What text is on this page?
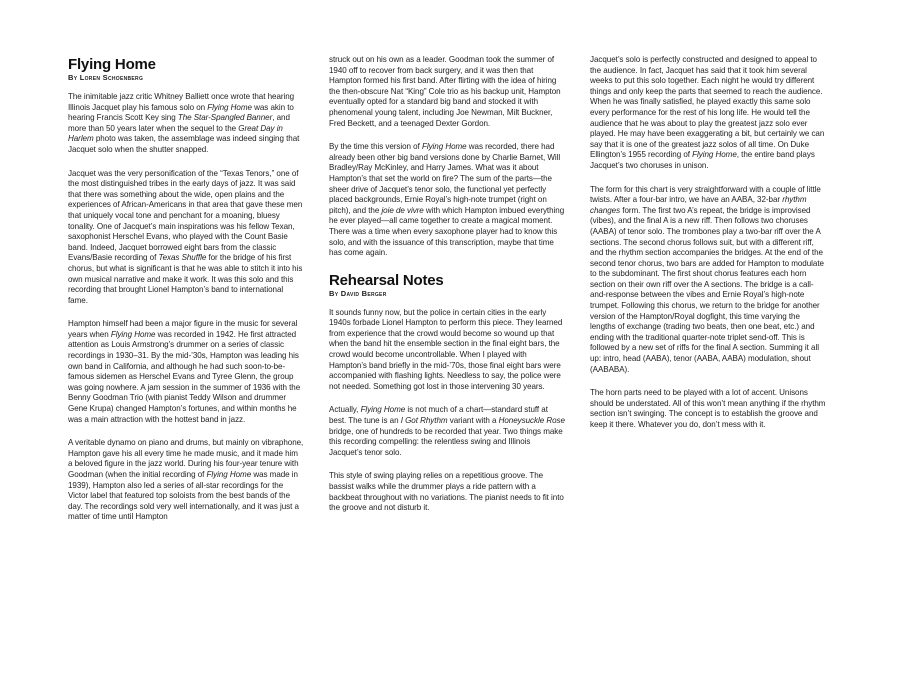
Flying Home
By Loren Schoenberg

The inimitable jazz critic Whitney Balliett once wrote that hearing Illinois Jacquet play his famous solo on Flying Home was akin to hearing Francis Scott Key sing The Star-Spangled Banner, and more than 50 years later when the sequel to the Great Day in Harlem photo was taken, the assemblage was indeed singing that Jacquet solo when the shutter snapped.

Jacquet was the very personification of the “Texas Tenors,” one of the most distinguished tribes in the early days of jazz. It was said that there was something about the wide, open plains and the experiences of African-Americans in that area that gave these men that uniquely vocal tone and penchant for a moaning, bluesy tonality. One of Jacquet’s main inspirations was his fellow Texan, saxophonist Herschel Evans, who played with the Count Basie band. Indeed, Jacquet borrowed eight bars from the classic Evans/Basie recording of Texas Shuffle for the bridge of his first chorus, but what is significant is that he was able to stitch it into his own musical narrative and make it work. It was this solo and this recording that brought Lionel Hampton’s band to international fame.

Hampton himself had been a major figure in the music for several years when Flying Home was recorded in 1942. He first attracted attention as Louis Armstrong’s drummer on a series of classic recordings in 1930–31. By the mid-’30s, Hampton was leading his own band in California, and although he had such soon-to-be-famous sidemen as Herschel Evans and Tyree Glenn, the group was going nowhere. A jam session in the summer of 1936 with the Benny Goodman Trio (with pianist Teddy Wilson and drummer Gene Krupa) changed Hampton’s fortunes, and within months he was a main attraction with the hottest band in jazz.

A veritable dynamo on piano and drums, but mainly on vibraphone, Hampton gave his all every time he made music, and it made him a beloved figure in the jazz world. During his four-year tenure with Goodman (when the initial recording of Flying Home was made in 1939), Hampton also led a series of all-star recordings for the Victor label that featured top soloists from the best bands of the day. The recordings sold very well internationally, and it was just a matter of time until Hampton

struck out on his own as a leader. Goodman took the summer of 1940 off to recover from back surgery, and it was then that Hampton formed his first band. After flirting with the idea of hiring the then-obscure Nat “King” Cole trio as his backup unit, Hampton eventually opted for a standard big band and stocked it with phenomenal young talent, including Joe Newman, Milt Buckner, Fred Beckett, and a teenaged Dexter Gordon.

By the time this version of Flying Home was recorded, there had already been other big band versions done by Charlie Barnet, Will Bradley/Ray McKinley, and Harry James. What was it about Hampton’s that set the world on fire? The sum of the parts—the sheer drive of Jacquet’s tenor solo, the functional yet perfectly placed backgrounds, Ernie Royal’s high-note trumpet (right on pitch), and the joie de vivre with which Hampton imbued everything he ever played—all came together to create a magical moment. There was a time when every saxophone player had to know this solo, and with the issuance of this transcription, maybe that time has come again.

Rehearsal Notes
By David Berger

It sounds funny now, but the police in certain cities in the early 1940s forbade Lionel Hampton to perform this piece. They learned from experience that the crowd would become so wound up that when the band hit the ensemble section in the final eight bars, the crowd would become uncontrollable. When I played with Hampton’s band briefly in the mid-’70s, those final eight bars were accompanied with flashing lights. Needless to say, the police were not needed. Something got lost in those intervening 30 years.

Actually, Flying Home is not much of a chart—standard stuff at best. The tune is an I Got Rhythm variant with a Honeysuckle Rose bridge, one of hundreds to be recorded that year. Two things make this recording compelling: the relentless swing and Illinois Jacquet’s tenor solo.

This style of swing playing relies on a repetitious groove. The bassist walks while the drummer plays a ride pattern with a backbeat throughout with no variations. The pianist needs to fit into the groove and not disturb it.

Jacquet’s solo is perfectly constructed and designed to appeal to the audience. In fact, Jacquet has said that it took him several weeks to put this solo together. Each night he would try different things and only keep the parts that seemed to reach the audience. When he was finally satisfied, he played exactly this same solo every performance for the rest of his long life. He would tell the audience that he was about to play the greatest jazz solo ever played. He may have been exaggerating a bit, but certainly we can say that it is one of the greatest jazz solos of all time. On Duke Ellington’s 1955 recording of Flying Home, the entire band plays Jacquet’s two choruses in unison.

The form for this chart is very straightforward with a couple of little twists. After a four-bar intro, we have an AABA, 32-bar rhythm changes form. The first two A’s repeat, the bridge is improvised (vibes), and the final A is a new riff. Then follows two choruses (AABA) of tenor solo. The trombones play a two-bar riff over the A sections. The second chorus follows suit, but with a different riff, and the rhythm section accompanies the bridges. At the end of the second tenor chorus, two bars are added for Hampton to modulate to the subdominant. The first shout chorus features each horn section on their own riff over the A sections. The bridge is a call-and-response between the vibes and Ernie Royal’s high-note trumpet. Following this chorus, we return to the bridge for another version of the Hampton/Royal dogfight, this time varying the lengths of exchange (trading two beats, then one beat, etc.) and ending with the traditional quarter-note triplet send-off. This is followed by a new set of riffs for the final A section. Summing it all up: intro, head (AABA), tenor (AABA, AABA) modulation, shout (AABABA).

The horn parts need to be played with a lot of accent. Unisons should be understated. All of this won’t mean anything if the rhythm section isn’t swinging. The concept is to establish the groove and keep it there. Whatever you do, don’t mess with it.
